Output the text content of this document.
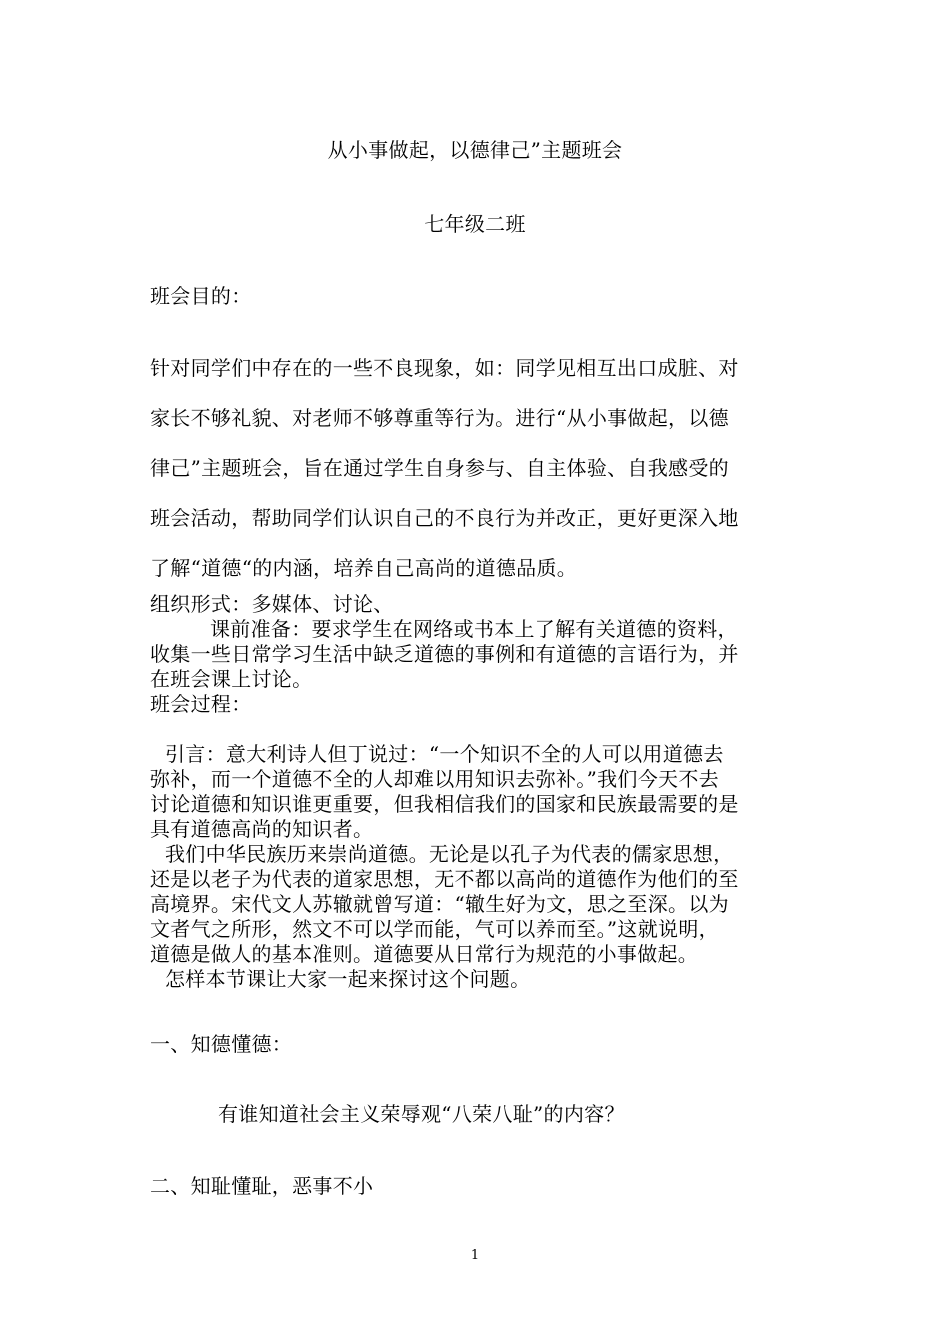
从小事做起，以德律己”主题班会
七年级二班
班会目的：
针对同学们中存在的一些不良现象，如：同学见相互出口成脏、对
家长不够礼貌、对老师不够尊重等行为。进行“从小事做起，以德
律己”主题班会，旨在通过学生自身参与、自主体验、自我感受的
班会活动，帮助同学们认识自己的不良行为并改正，更好更深入地
了解“道德“的内涵，培养自己高尚的道德品质。
组织形式：多媒体、讨论、
课前准备：要求学生在网络或书本上了解有关道德的资料，
收集一些日常学习生活中缺乏道德的事例和有道德的言语行为，并
在班会课上讨论。
班会过程：
引言：意大利诗人但丁说过：“一个知识不全的人可以用道德去
弥补，而一个道德不全的人却难以用知识去弥补。”我们今天不去
讨论道德和知识谁更重要，但我相信我们的国家和民族最需要的是
具有道德高尚的知识者。
我们中华民族历来崇尚道德。无论是以孔子为代表的儒家思想，
还是以老子为代表的道家思想，无不都以高尚的道德作为他们的至
高境界。宋代文人苏辙就曾写道：“辙生好为文，思之至深。以为
文者气之所形，然文不可以学而能，气可以养而至。”这就说明，
道德是做人的基本准则。道德要从日常行为规范的小事做起。
怎样本节课让大家一起来探讨这个问题。
一、知德懂德：
有谁知道社会主义荣辱观“八荣八耻”的内容？
二、知耻懂耻，恶事不小
1
